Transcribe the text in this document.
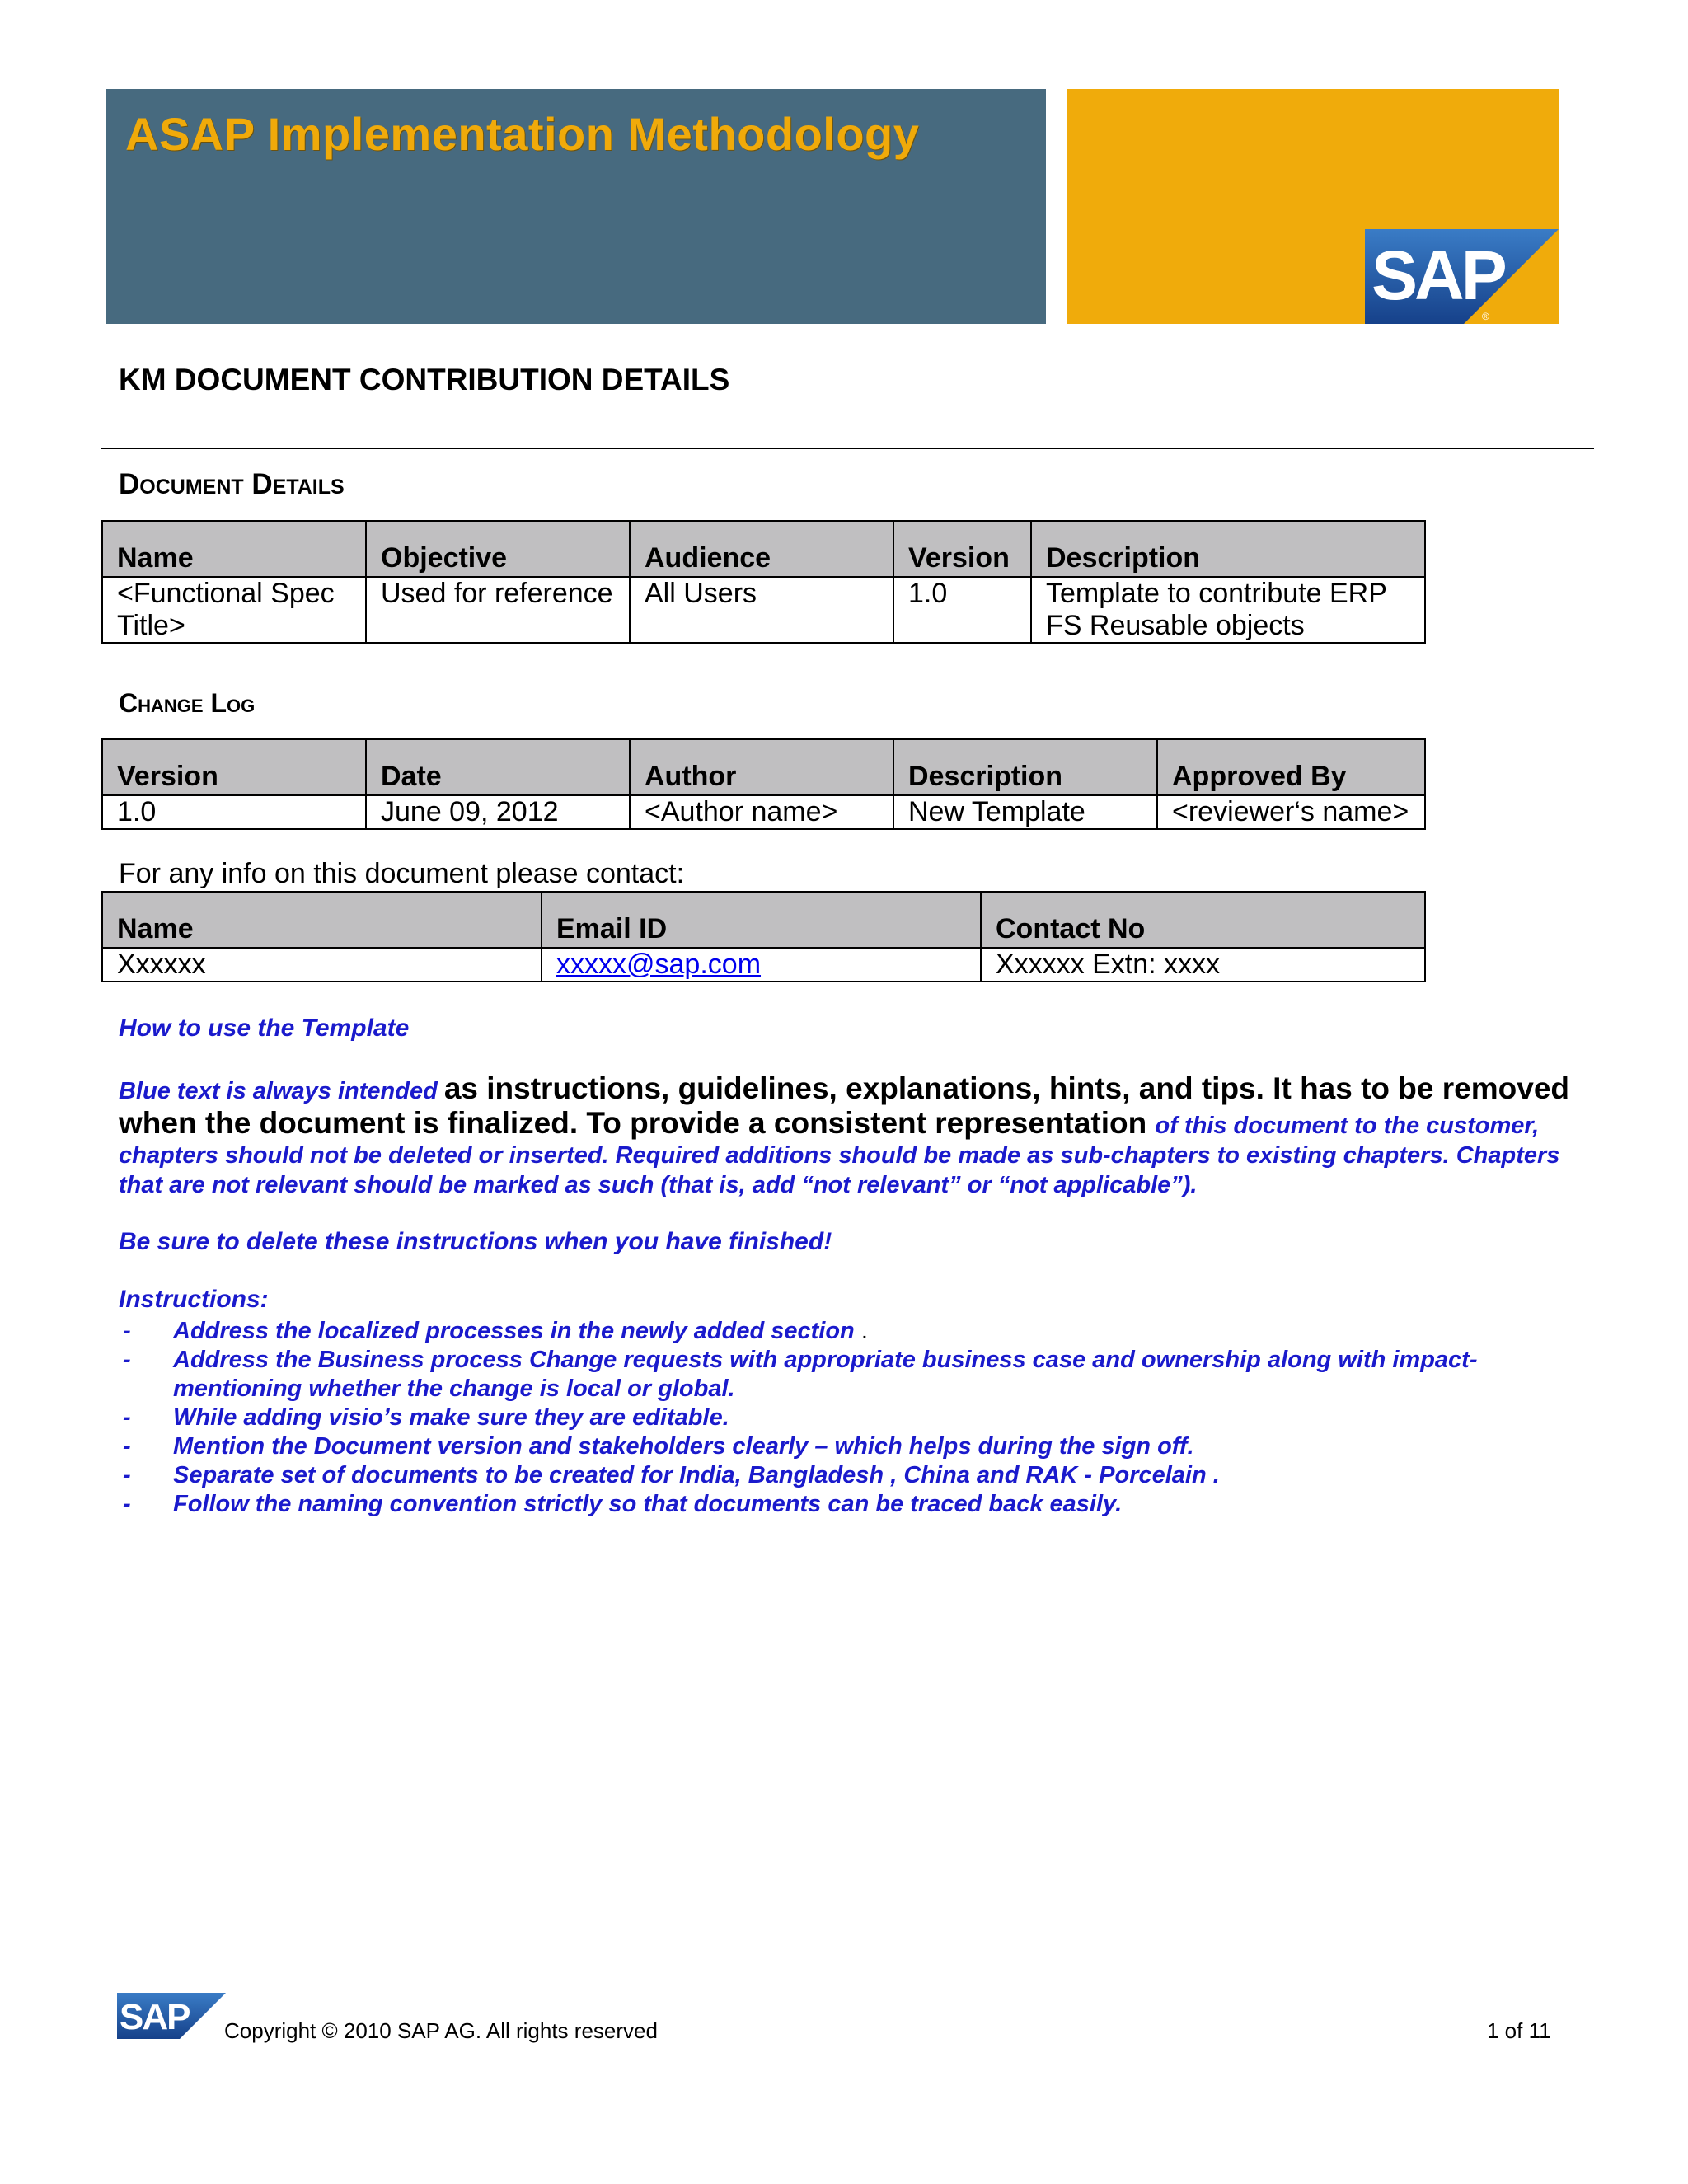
ASAP Implementation Methodology
SAP
®
KM DOCUMENT CONTRIBUTION DETAILS
Document Details
Name	Objective	Audience	Version	Description
<Functional Spec Title>	Used for reference	All Users	1.0	Template to contribute ERP FS Reusable objects
Change Log
Version	Date	Author	Description	Approved By
1.0	June 09, 2012	<Author name>	New Template	<reviewer‘s name>
For any info on this document please contact:
Name	Email ID	Contact No
Xxxxxx	xxxxx@sap.com	Xxxxxx Extn: xxxx
How to use the Template
Blue text is always intended as instructions, guidelines, explanations, hints, and tips. It has to be removed when the document is finalized. To provide a consistent representation of this document to the customer, chapters should not be deleted or inserted. Required additions should be made as sub-chapters to existing chapters. Chapters that are not relevant should be marked as such (that is, add “not relevant” or “not applicable”).
Be sure to delete these instructions when you have finished!
Instructions:
- Address the localized processes in the newly added section .
- Address the Business process Change requests with appropriate business case and ownership along with impact- mentioning whether the change is local or global.
- While adding visio’s make sure they are editable.
- Mention the Document version and stakeholders clearly – which helps during the sign off.
- Separate set of documents to be created for India, Bangladesh , China and RAK - Porcelain .
- Follow the naming convention strictly so that documents can be traced back easily.
SAP Copyright © 2010 SAP AG. All rights reserved	1 of 11
